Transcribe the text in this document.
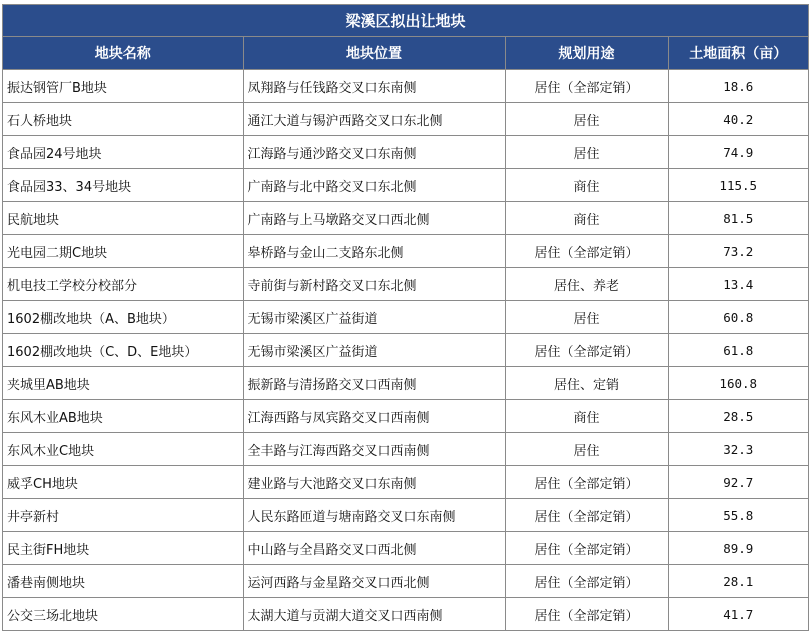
梁溪区拟出让地块
地块名称	地块位置	规划用途	土地面积（亩）
振达钢管厂B地块	凤翔路与任钱路交叉口东南侧	居住（全部定销）	18.6
石人桥地块	通江大道与锡沪西路交叉口东北侧	居住	40.2
食品园24号地块	江海路与通沙路交叉口东南侧	居住	74.9
食品园33、34号地块	广南路与北中路交叉口东北侧	商住	115.5
民航地块	广南路与上马墩路交叉口西北侧	商住	81.5
光电园二期C地块	皋桥路与金山二支路东北侧	居住（全部定销）	73.2
机电技工学校分校部分	寺前街与新村路交叉口东北侧	居住、养老	13.4
1602棚改地块（A、B地块）	无锡市梁溪区广益街道	居住	60.8
1602棚改地块（C、D、E地块）	无锡市梁溪区广益街道	居住（全部定销）	61.8
夹城里AB地块	振新路与清扬路交叉口西南侧	居住、定销	160.8
东风木业AB地块	江海西路与凤宾路交叉口西南侧	商住	28.5
东风木业C地块	全丰路与江海西路交叉口西南侧	居住	32.3
威孚CH地块	建业路与大池路交叉口东南侧	居住（全部定销）	92.7
井亭新村	人民东路匝道与塘南路交叉口东南侧	居住（全部定销）	55.8
民主街FH地块	中山路与全昌路交叉口西北侧	居住（全部定销）	89.9
潘巷南侧地块	运河西路与金星路交叉口西北侧	居住（全部定销）	28.1
公交三场北地块	太湖大道与贡湖大道交叉口西南侧	居住（全部定销）	41.7
